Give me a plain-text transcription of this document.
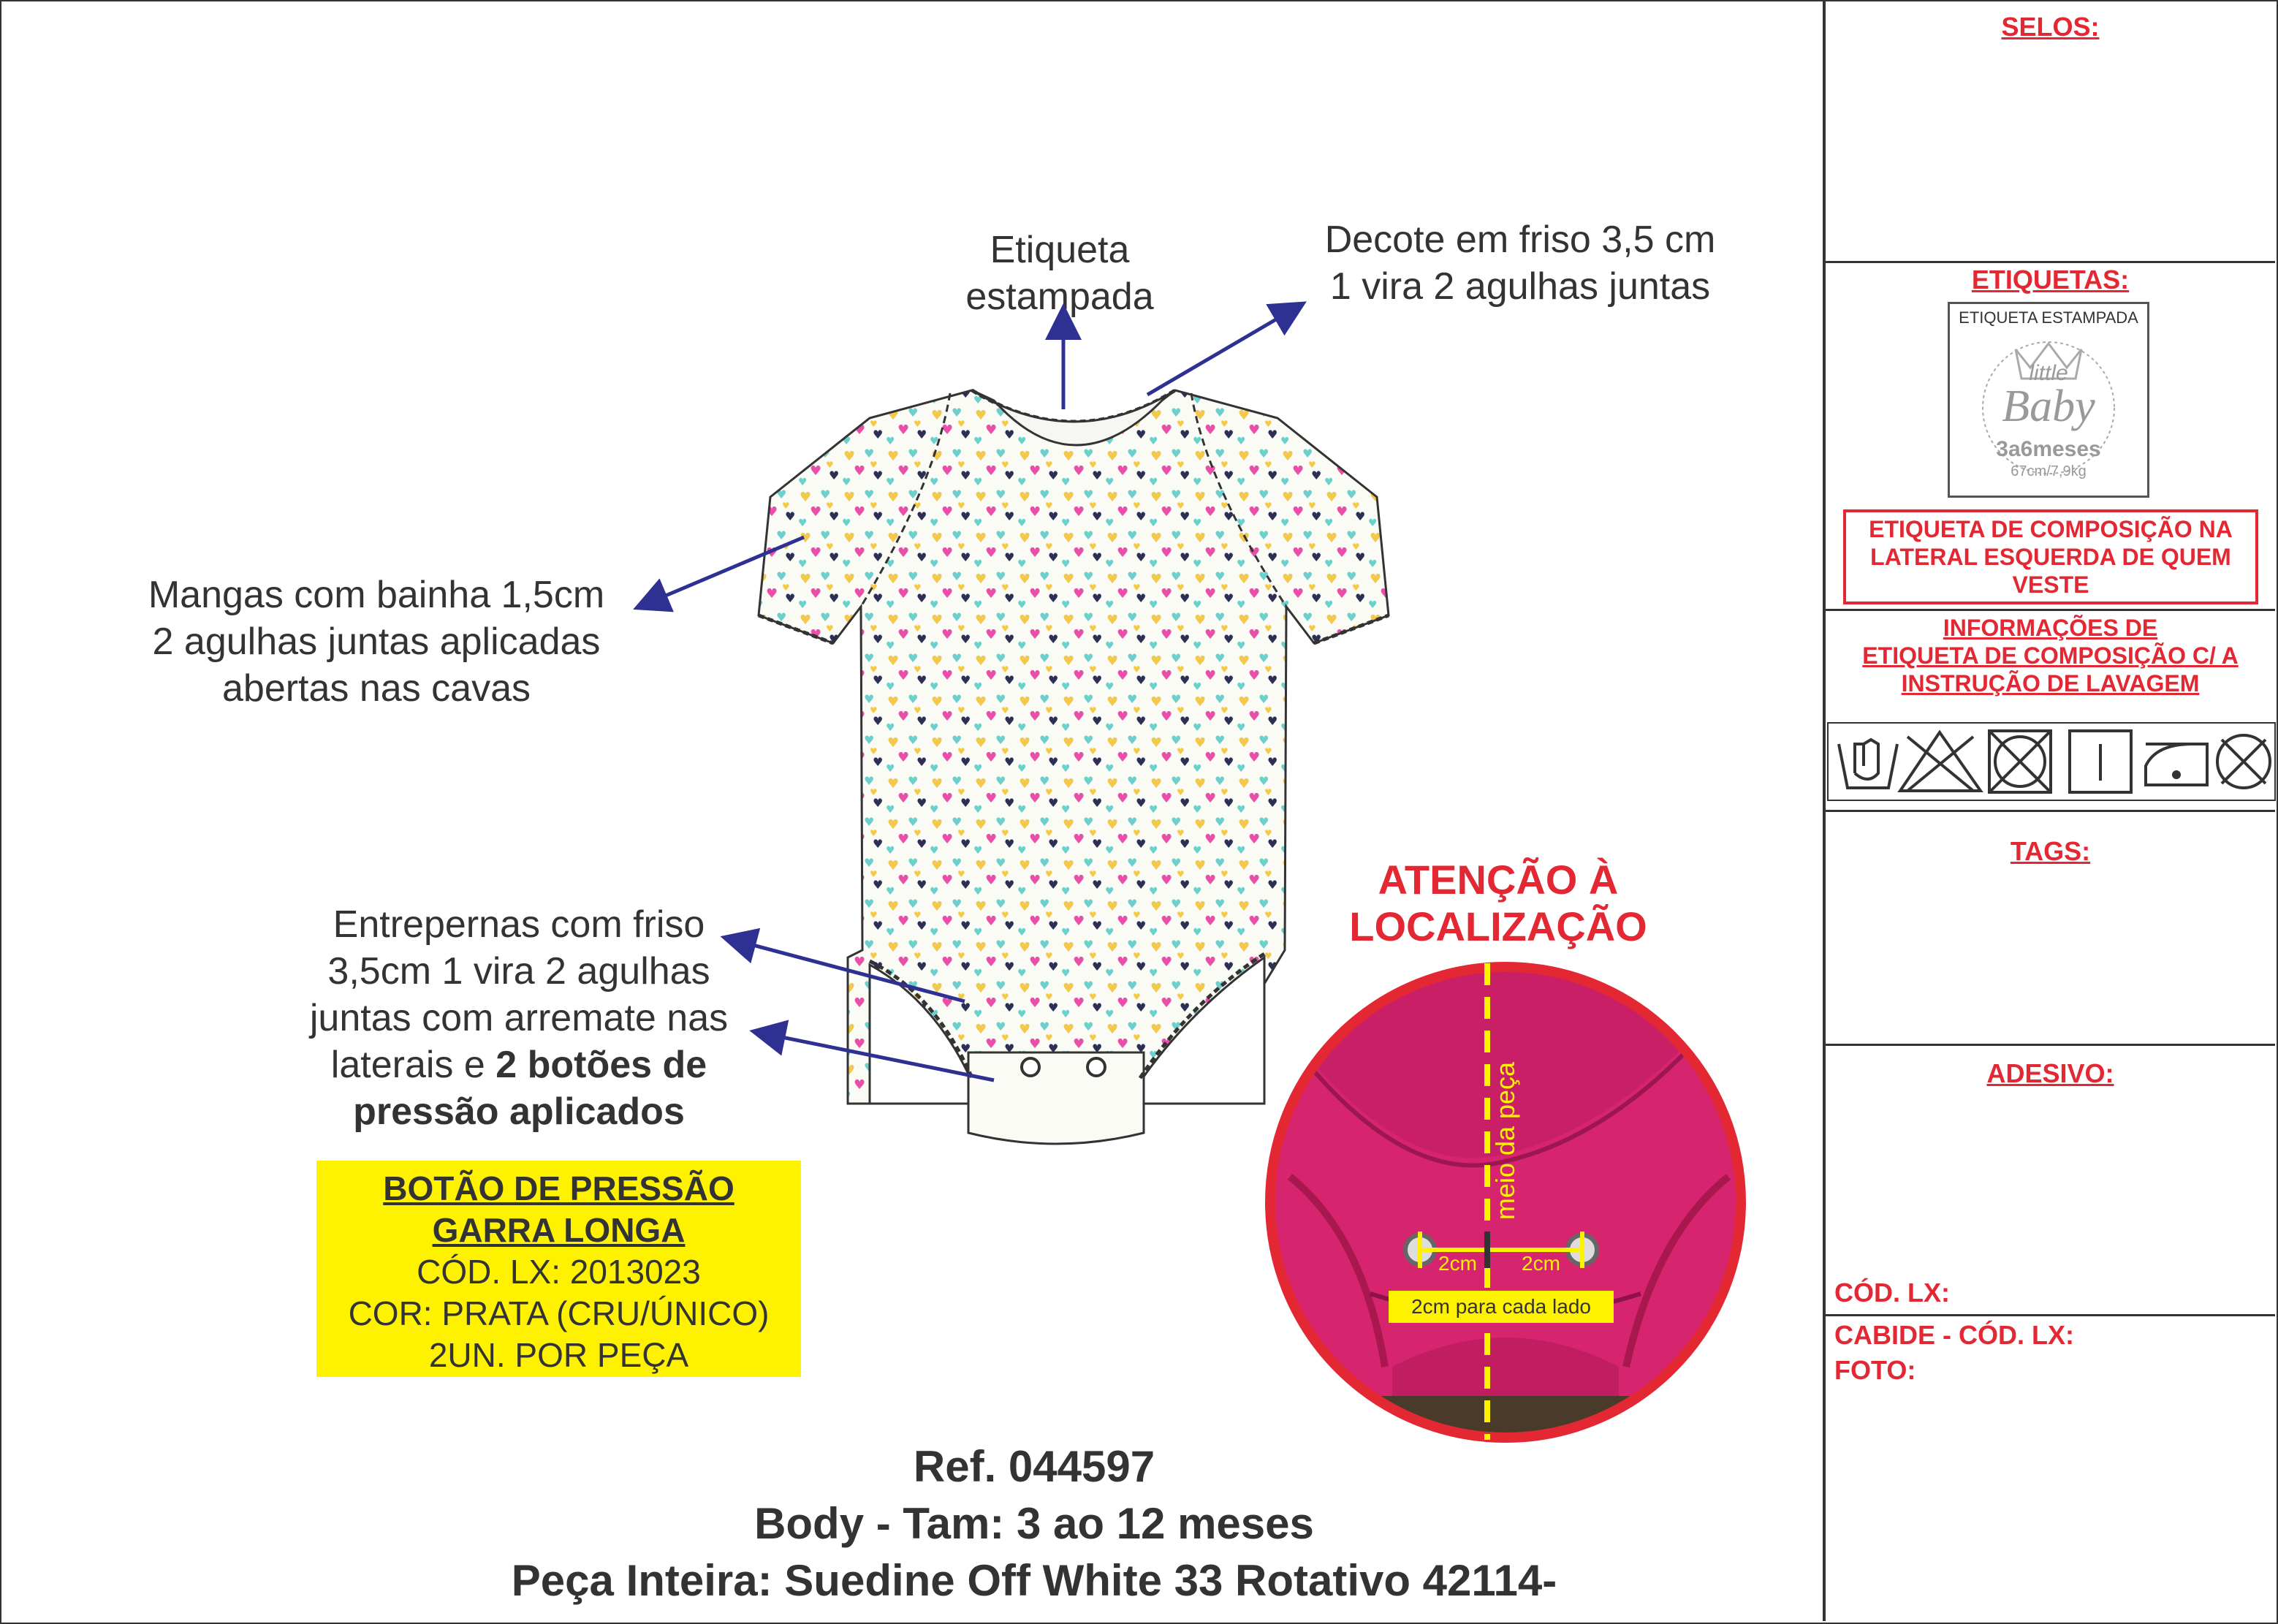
Etiqueta
estampada
Decote em friso 3,5 cm
1 vira 2 agulhas juntas
Mangas com bainha 1,5cm
2 agulhas juntas aplicadas
abertas nas cavas
Entrepernas com friso
3,5cm 1 vira 2 agulhas
juntas com arremate nas
laterais e 2 botões de
pressão aplicados
BOTÃO DE PRESSÃO
GARRA LONGA
CÓD. LX: 2013023
COR: PRATA (CRU/ÚNICO)
2UN. POR PEÇA
ATENÇÃO À
LOCALIZAÇÃO
meio da peça
2cm 2cm
2cm para cada lado
Ref. 044597
Body - Tam: 3 ao 12 meses
Peça Inteira: Suedine Off White 33 Rotativo 42114-
SELOS:
ETIQUETAS:
ETIQUETA ESTAMPADA
little
Baby
3a6meses
67cm/7,9kg
ETIQUETA DE COMPOSIÇÃO NA
LATERAL ESQUERDA DE QUEM
VESTE
INFORMAÇÕES DE
ETIQUETA DE COMPOSIÇÃO C/ A
INSTRUÇÃO DE LAVAGEM
TAGS:
ADESIVO:
CÓD. LX:
CABIDE - CÓD. LX:
FOTO:
